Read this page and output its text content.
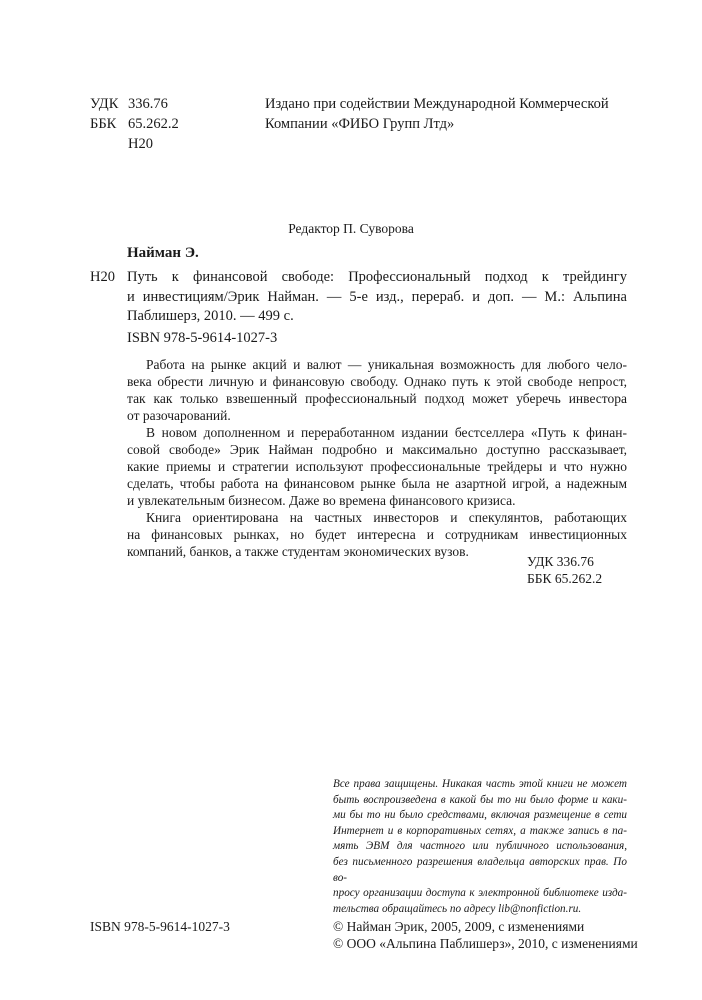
УДК 336.76
ББК 65.262.2
Н20
Издано при содействии Международной Коммерческой
Компании «ФИБО Групп Лтд»
Редактор П. Суворова
Найман Э.
Н20 Путь к финансовой свободе: Профессиональный подход к трейдингу
и инвестициям/Эрик Найман. — 5-е изд., перераб. и доп. — М.: Альпина
Паблишерз, 2010. — 499 с.
ISBN 978-5-9614-1027-3
Работа на рынке акций и валют — уникальная возможность для любого чело-
века обрести личную и финансовую свободу. Однако путь к этой свободе непрост,
так как только взвешенный профессиональный подход может уберечь инвестора
от разочарований.
В новом дополненном и переработанном издании бестселлера «Путь к финан-
совой свободе» Эрик Найман подробно и максимально доступно рассказывает,
какие приемы и стратегии используют профессиональные трейдеры и что нужно
сделать, чтобы работа на финансовом рынке была не азартной игрой, а надежным
и увлекательным бизнесом. Даже во времена финансового кризиса.
Книга ориентирована на частных инвесторов и спекулянтов, работающих
на финансовых рынках, но будет интересна и сотрудникам инвестиционных
компаний, банков, а также студентам экономических вузов.
УДК 336.76
ББК 65.262.2
Все права защищены. Никакая часть этой книги не может
быть воспроизведена в какой бы то ни было форме и каки-
ми бы то ни было средствами, включая размещение в сети
Интернет и в корпоративных сетях, а также запись в па-
мять ЭВМ для частного или публичного использования,
без письменного разрешения владельца авторских прав. По во-
просу организации доступа к электронной библиотеке изда-
тельства обращайтесь по адресу lib@nonfiction.ru.
ISBN 978-5-9614-1027-3	© Найман Эрик, 2005, 2009, с изменениями
© ООО «Альпина Паблишерз», 2010, с изменениями
